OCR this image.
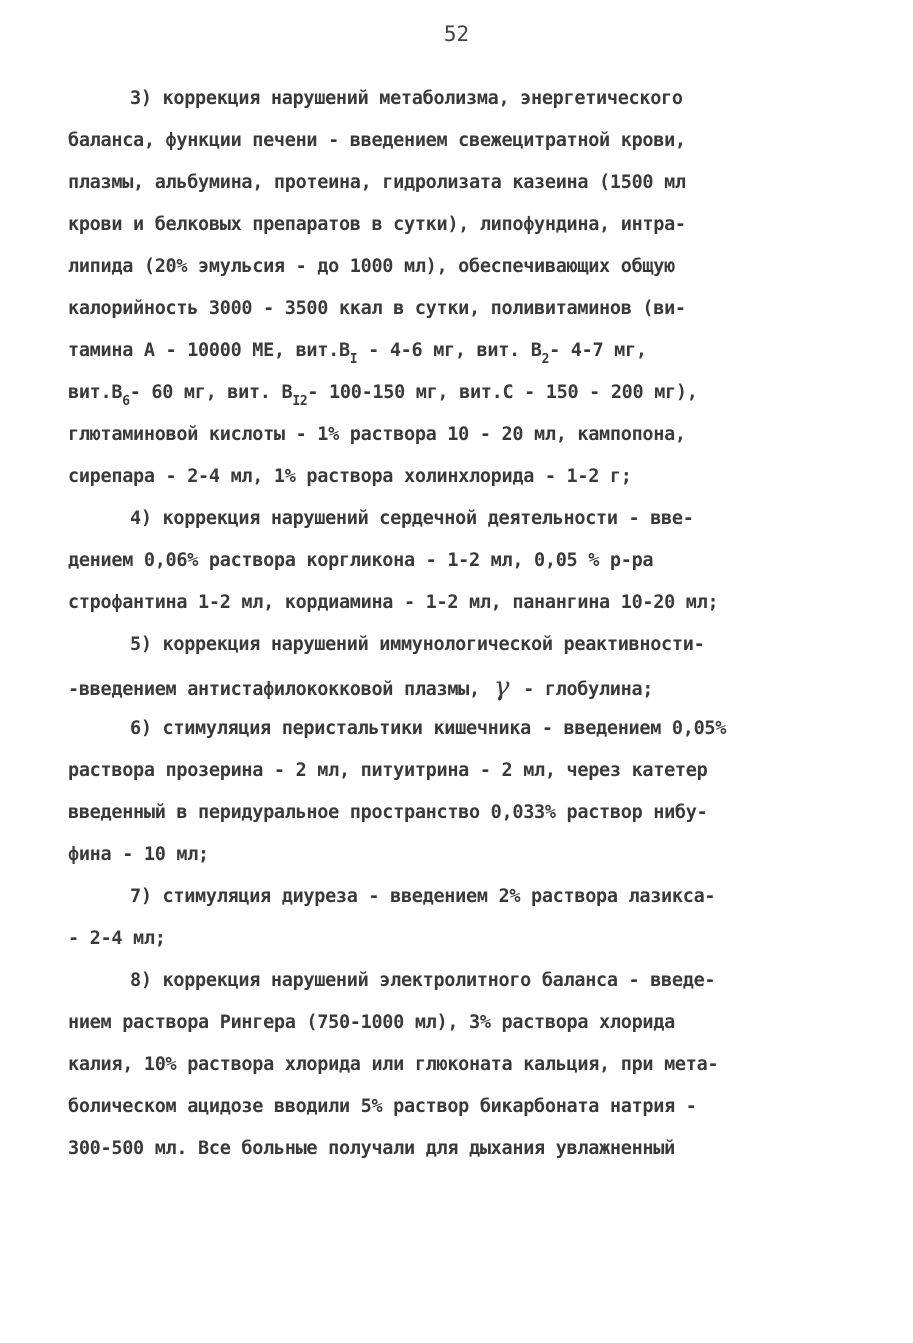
52
3) коррекция нарушений метаболизма, энергетического
баланса, функции печени - введением свежецитратной крови,
плазмы, альбумина, протеина, гидролизата казеина (1500 мл
крови и белковых препаратов в сутки), липофундина, интра-
липида (20% эмульсия - до 1000 мл), обеспечивающих общую
калорийность 3000 - 3500 ккал в сутки, поливитаминов (ви-
тамина А - 10000 МЕ, $вит.В_I - 4-6$ мг, вит. $В_2-$ 4-7 мг,
$вит.В_6-$ 60 мг, вит. $В_{I2}-$ 100-150 мг, вит.С - 150 - 200 мг),
глютаминовой кислоты - 1% раствора 10 - 20 мл, кампопона,
сирепара - 2-4 мл, 1% раствора холинхлорида - 1-2 г;
4) коррекция нарушений сердечной деятельности - вве-
дением 0,06% раствора коргликона - 1-2 мл, 0,05 % р-ра
строфантина 1-2 мл, кордиамина - 1-2 мл, панангина 10-20 мл;
5) коррекция нарушений иммунологической реактивности-
-введением антистафилококковой плазмы, γ - глобулина;
6) стимуляция перистальтики кишечника - введением 0,05%
раствора прозерина - 2 мл, питуитрина - 2 мл, через катетер
введенный в перидуральное пространство 0,033% раствор нибу-
фина - 10 мл;
7) стимуляция диуреза - введением 2% раствора лазикса-
- 2-4 мл;
8) коррекция нарушений электролитного баланса - введе-
нием раствора Рингера (750-1000 мл), 3% раствора хлорида
калия, 10% раствора хлорида или глюконата кальция, при мета-
болическом ацидозе вводили 5% раствор бикарбоната натрия -
300-500 мл. Все больные получали для дыхания увлажненный
